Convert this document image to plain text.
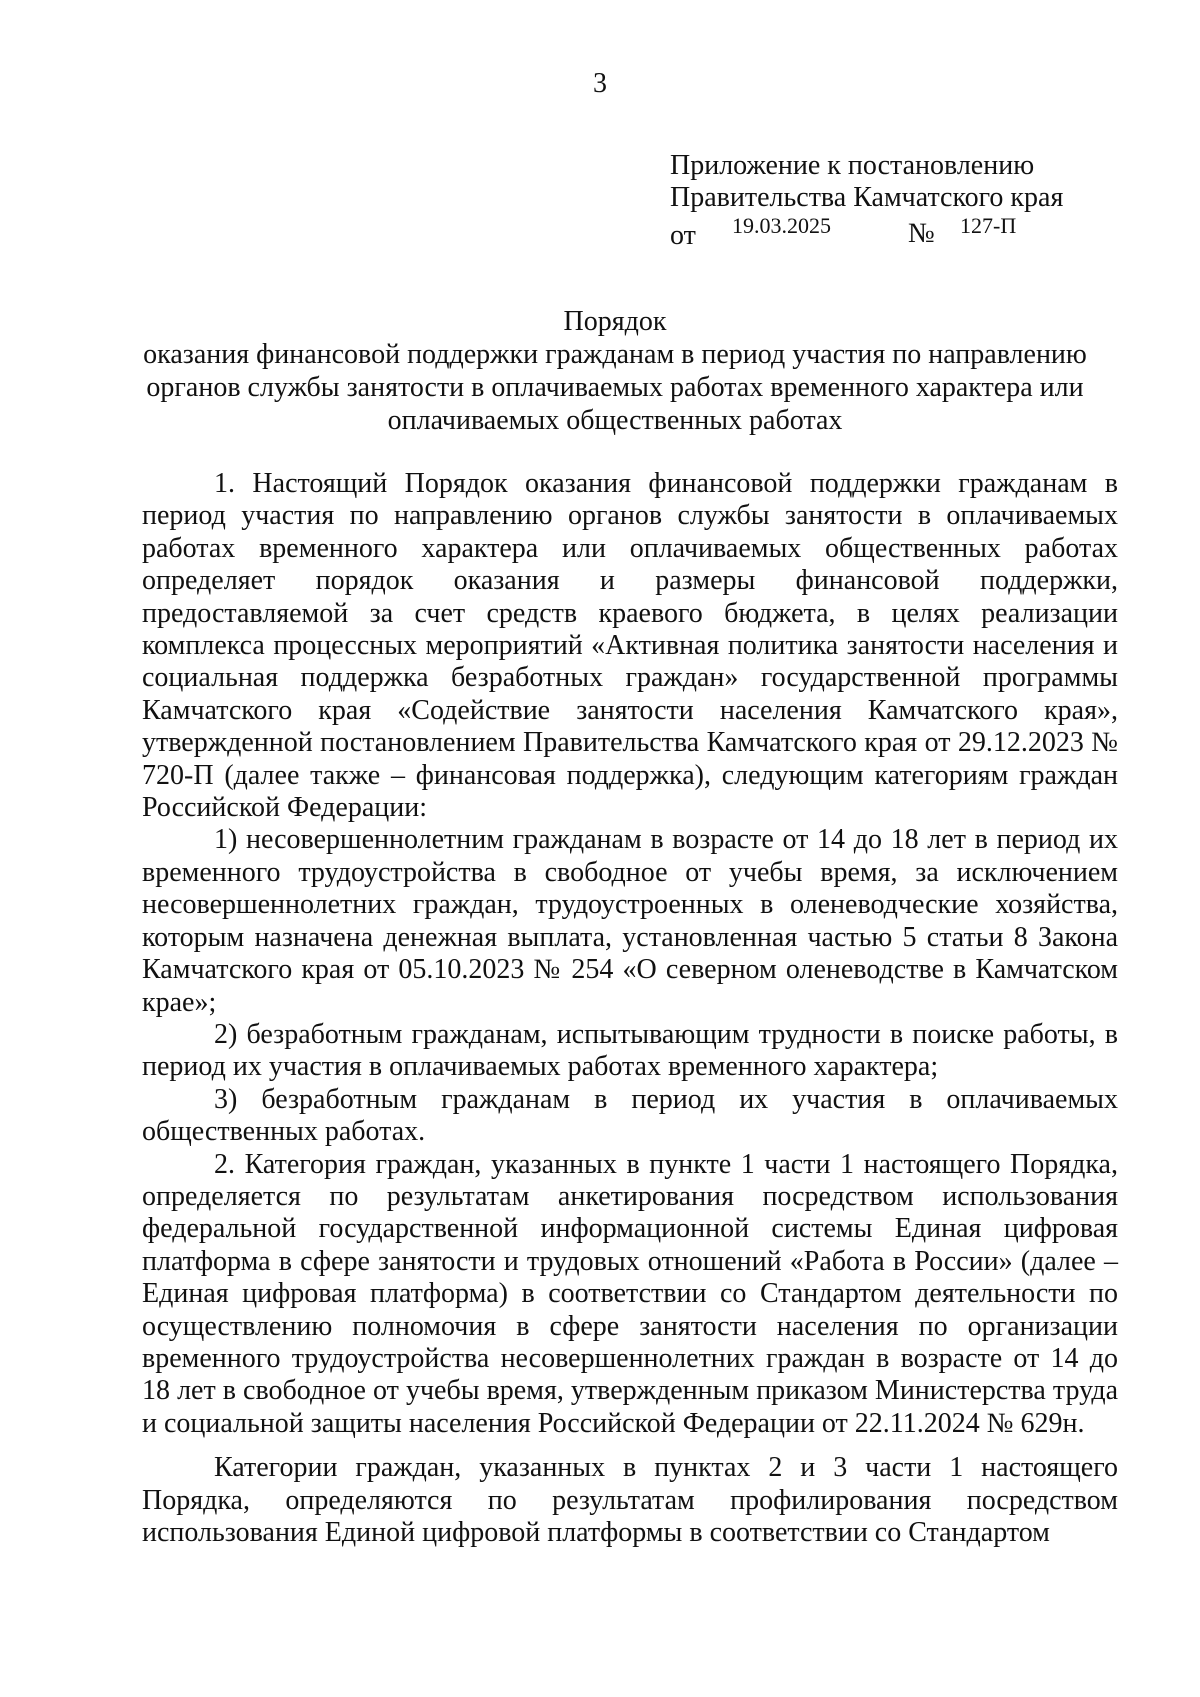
3
Приложение к постановлению
Правительства Камчатского края
от 19.03.2025	№ 127-П
Порядок
оказания финансовой поддержки гражданам в период участия по направлению органов службы занятости в оплачиваемых работах временного характера или оплачиваемых общественных работах

1. Настоящий Порядок оказания финансовой поддержки гражданам в период участия по направлению органов службы занятости в оплачиваемых работах временного характера или оплачиваемых общественных работах определяет порядок оказания и размеры финансовой поддержки, предоставляемой за счет средств краевого бюджета, в целях реализации комплекса процессных мероприятий «Активная политика занятости населения и социальная поддержка безработных граждан» государственной программы Камчатского края «Содействие занятости населения Камчатского края», утвержденной постановлением Правительства Камчатского края от 29.12.2023 № 720-П (далее также – финансовая поддержка), следующим категориям граждан Российской Федерации:

1) несовершеннолетним гражданам в возрасте от 14 до 18 лет в период их временного трудоустройства в свободное от учебы время, за исключением несовершеннолетних граждан, трудоустроенных в оленеводческие хозяйства, которым назначена денежная выплата, установленная частью 5 статьи 8 Закона Камчатского края от 05.10.2023 № 254 «О северном оленеводстве в Камчатском крае»;

2) безработным гражданам, испытывающим трудности в поиске работы, в период их участия в оплачиваемых работах временного характера;

3) безработным гражданам в период их участия в оплачиваемых общественных работах.

2. Категория граждан, указанных в пункте 1 части 1 настоящего Порядка, определяется по результатам анкетирования посредством использования федеральной государственной информационной системы Единая цифровая платформа в сфере занятости и трудовых отношений «Работа в России» (далее – Единая цифровая платформа) в соответствии со Стандартом деятельности по осуществлению полномочия в сфере занятости населения по организации временного трудоустройства несовершеннолетних граждан в возрасте от 14 до 18 лет в свободное от учебы время, утвержденным приказом Министерства труда и социальной защиты населения Российской Федерации от 22.11.2024 № 629н.

Категории граждан, указанных в пунктах 2 и 3 части 1 настоящего Порядка, определяются по результатам профилирования посредством использования Единой цифровой платформы в соответствии со Стандартом
